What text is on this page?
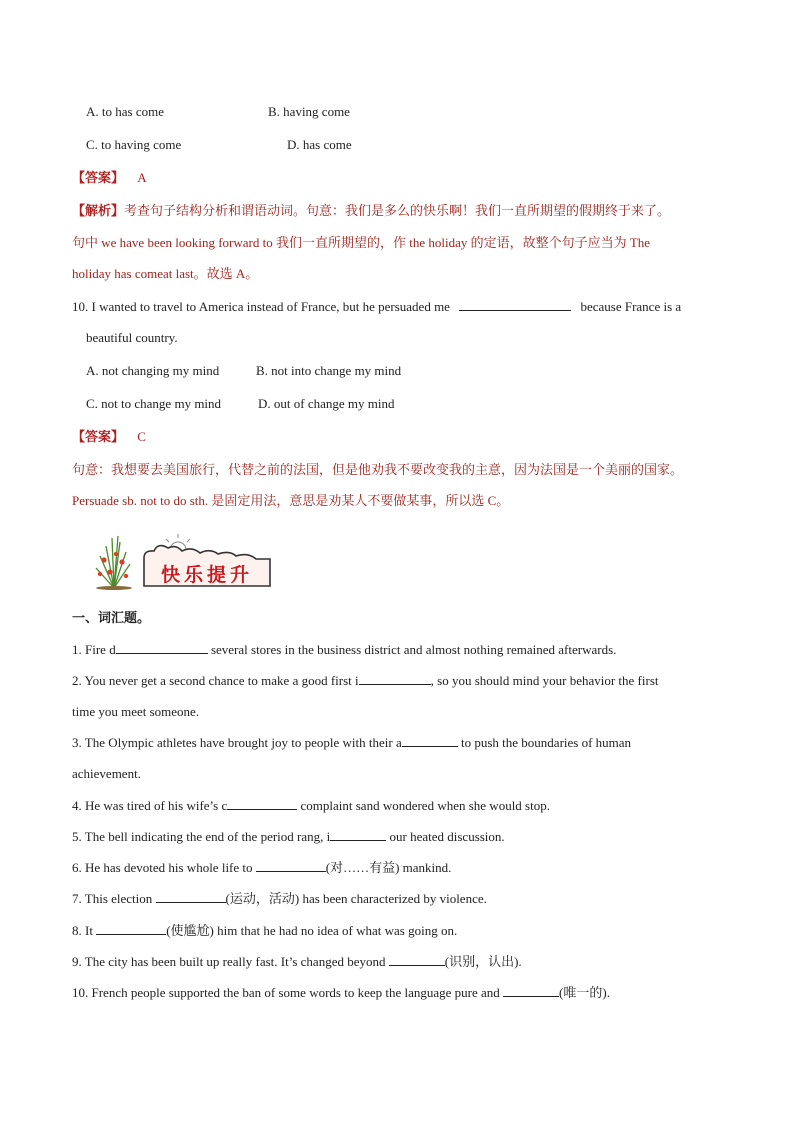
A. to has come	B. having come
C. to having come	D. has come
【答案】 A
【解析】考查句子结构分析和谓语动词。句意：我们是多么的快乐啊！我们一直所期望的假期终于来了。
句中 we have been looking forward to 我们一直所期望的，作 the holiday 的定语，故整个句子应当为 The
holiday has comeat last。故选 A。
10. I wanted to travel to America instead of France, but he persuaded me	because France is a
beautiful country.
A. not changing my mind	B. not into change my mind
C. not to change my mind	D. out of change my mind
【答案】 C
句意：我想要去美国旅行，代替之前的法国，但是他劝我不要改变我的主意，因为法国是一个美丽的国家。
Persuade sb. not to do sth. 是固定用法，意思是劝某人不要做某事，所以选 C。
快乐提升
一、词汇题。
1. Fire d	several stores in the business district and almost nothing remained afterwards.
2. You never get a second chance to make a good first i	, so you should mind your behavior the first
time you meet someone.
3. The Olympic athletes have brought joy to people with their a	to push the boundaries of human
achievement.
4. He was tired of his wife’s c	complaint sand wondered when she would stop.
5. The bell indicating the end of the period rang, i	our heated discussion.
6. He has devoted his whole life to	(对……有益) mankind.
7. This election	(运动，活动) has been characterized by violence.
8. It	(使尴尬) him that he had no idea of what was going on.
9. The city has been built up really fast. It’s changed beyond	(识别，认出).
10. French people supported the ban of some words to keep the language pure and	(唯一的).
